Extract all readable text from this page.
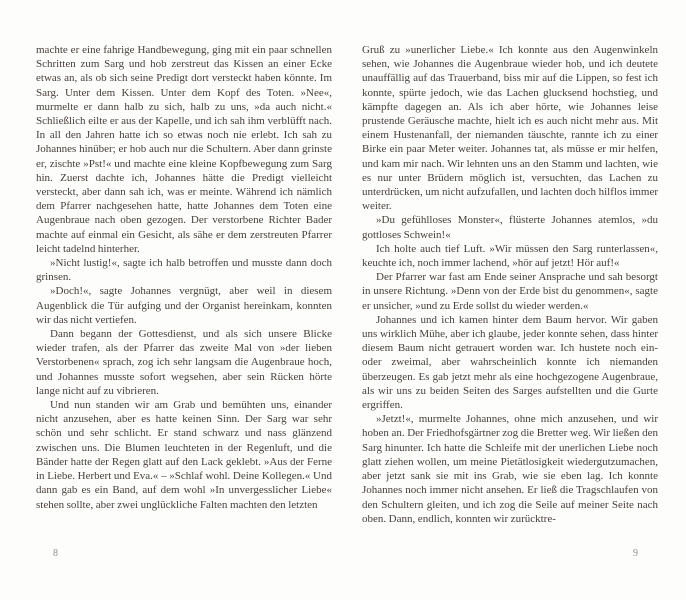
machte er eine fahrige Handbewegung, ging mit ein paar schnellen Schritten zum Sarg und hob zerstreut das Kissen an einer Ecke etwas an, als ob sich seine Predigt dort versteckt haben könnte. Im Sarg. Unter dem Kissen. Unter dem Kopf des Toten. »Nee«, murmelte er dann halb zu sich, halb zu uns, »da auch nicht.« Schließlich eilte er aus der Kapelle, und ich sah ihm verblüfft nach. In all den Jahren hatte ich so etwas noch nie erlebt. Ich sah zu Johannes hinüber; er hob auch nur die Schultern. Aber dann grinste er, zischte »Pst!« und machte eine kleine Kopfbewegung zum Sarg hin. Zuerst dachte ich, Johannes hätte die Predigt vielleicht versteckt, aber dann sah ich, was er meinte. Während ich nämlich dem Pfarrer nachgesehen hatte, hatte Johannes dem Toten eine Augenbraue nach oben gezogen. Der verstorbene Richter Bader machte auf einmal ein Gesicht, als sähe er dem zerstreuten Pfarrer leicht tadelnd hinterher.

»Nicht lustig!«, sagte ich halb betroffen und musste dann doch grinsen.

»Doch!«, sagte Johannes vergnügt, aber weil in diesem Augenblick die Tür aufging und der Organist hereinkam, konnten wir das nicht vertiefen.

Dann begann der Gottesdienst, und als sich unsere Blicke wieder trafen, als der Pfarrer das zweite Mal von »der lieben Verstorbenen« sprach, zog ich sehr langsam die Augenbraue hoch, und Johannes musste sofort wegsehen, aber sein Rücken hörte lange nicht auf zu vibrieren.

Und nun standen wir am Grab und bemühten uns, einander nicht anzusehen, aber es hatte keinen Sinn. Der Sarg war sehr schön und sehr schlicht. Er stand schwarz und nass glänzend zwischen uns. Die Blumen leuchteten in der Regenluft, und die Bänder hatte der Regen glatt auf den Lack geklebt. »Aus der Ferne in Liebe. Herbert und Eva.« – »Schlaf wohl. Deine Kollegen.« Und dann gab es ein Band, auf dem wohl »In unvergesslicher Liebe« stehen sollte, aber zwei unglückliche Falten machten den letzten

Gruß zu »unerlicher Liebe.« Ich konnte aus den Augenwinkeln sehen, wie Johannes die Augenbraue wieder hob, und ich deutete unauffällig auf das Trauerband, biss mir auf die Lippen, so fest ich konnte, spürte jedoch, wie das Lachen glucksend hochstieg, und kämpfte dagegen an. Als ich aber hörte, wie Johannes leise prustende Geräusche machte, hielt ich es auch nicht mehr aus. Mit einem Hustenanfall, der niemanden täuschte, rannte ich zu einer Birke ein paar Meter weiter. Johannes tat, als müsse er mir helfen, und kam mir nach. Wir lehnten uns an den Stamm und lachten, wie es nur unter Brüdern möglich ist, versuchten, das Lachen zu unterdrücken, um nicht aufzufallen, und lachten doch hilflos immer weiter.

»Du gefühlloses Monster«, flüsterte Johannes atemlos, »du gottloses Schwein!«

Ich holte auch tief Luft. »Wir müssen den Sarg runterlassen«, keuchte ich, noch immer lachend, »hör auf jetzt! Hör auf!«

Der Pfarrer war fast am Ende seiner Ansprache und sah besorgt in unsere Richtung. »Denn von der Erde bist du genommen«, sagte er unsicher, »und zu Erde sollst du wieder werden.«

Johannes und ich kamen hinter dem Baum hervor. Wir gaben uns wirklich Mühe, aber ich glaube, jeder konnte sehen, dass hinter diesem Baum nicht getrauert worden war. Ich hustete noch ein- oder zweimal, aber wahrscheinlich konnte ich niemanden überzeugen. Es gab jetzt mehr als eine hochgezogene Augenbraue, als wir uns zu beiden Seiten des Sarges aufstellten und die Gurte ergriffen.

»Jetzt!«, murmelte Johannes, ohne mich anzusehen, und wir hoben an. Der Friedhofsgärtner zog die Bretter weg. Wir ließen den Sarg hinunter. Ich hatte die Schleife mit der unerlichen Liebe noch glatt ziehen wollen, um meine Pietätlosigkeit wiedergutzumachen, aber jetzt sank sie mit ins Grab, wie sie eben lag. Ich konnte Johannes noch immer nicht ansehen. Er ließ die Tragschlaufen von den Schultern gleiten, und ich zog die Seile auf meiner Seite nach oben. Dann, endlich, konnten wir zurücktre-

8	9
